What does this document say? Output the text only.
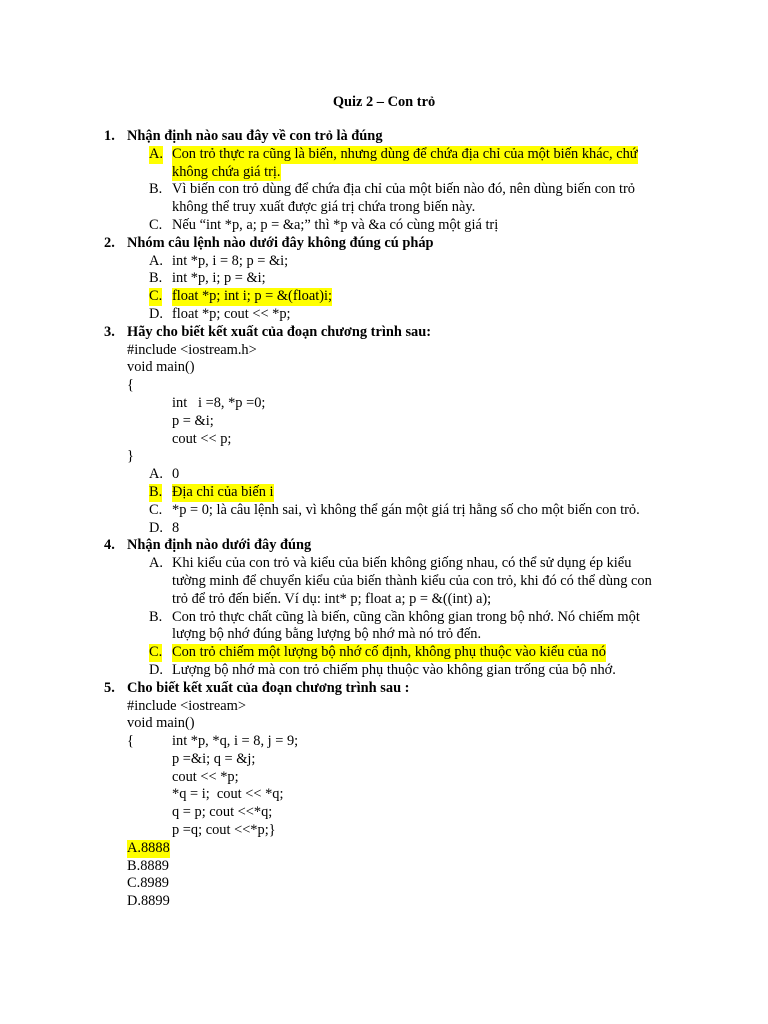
Quiz 2 – Con trỏ
1. Nhận định nào sau đây về con trỏ là đúng
A. Con trỏ thực ra cũng là biến, nhưng dùng để chứa địa chỉ của một biến khác, chứ
không chứa giá trị.
B. Vì biến con trỏ dùng để chứa địa chỉ của một biến nào đó, nên dùng biến con trỏ
không thể truy xuất được giá trị chứa trong biến này.
C. Nếu “int *p, a; p = &a;” thì *p và &a có cùng một giá trị
2. Nhóm câu lệnh nào dưới đây không đúng cú pháp
A. int *p, i = 8; p = &i;
B. int *p, i; p = &i;
C. float *p; int i; p = &(float)i;
D. float *p; cout << *p;
3. Hãy cho biết kết xuất của đoạn chương trình sau:
#include <iostream.h>
void main()
{
int   i =8, *p =0;
p = &i;
cout << p;
}
A. 0
B. Địa chỉ của biến i
C. *p = 0; là câu lệnh sai, vì không thể gán một giá trị hằng số cho một biến con trỏ.
D. 8
4. Nhận định nào dưới đây đúng
A. Khi kiểu của con trỏ và kiểu của biến không giống nhau, có thể sử dụng ép kiểu
tường minh để chuyển kiểu của biến thành kiểu của con trỏ, khi đó có thể dùng con
trỏ để trỏ đến biến. Ví dụ: int* p; float a; p = &((int) a);
B. Con trỏ thực chất cũng là biến, cũng cần không gian trong bộ nhớ. Nó chiếm một
lượng bộ nhớ đúng bằng lượng bộ nhớ mà nó trỏ đến.
C. Con trỏ chiếm một lượng bộ nhớ cố định, không phụ thuộc vào kiểu của nó
D. Lượng bộ nhớ mà con trỏ chiếm phụ thuộc vào không gian trống của bộ nhớ.
5. Cho biết kết xuất của đoạn chương trình sau :
#include <iostream>
void main()
{	int *p, *q, i = 8, j = 9;
p =&i; q = &j;
cout << *p;
*q = i;  cout << *q;
q = p; cout <<*q;
p =q; cout <<*p;}
A.8888
B.8889
C.8989
D.8899
